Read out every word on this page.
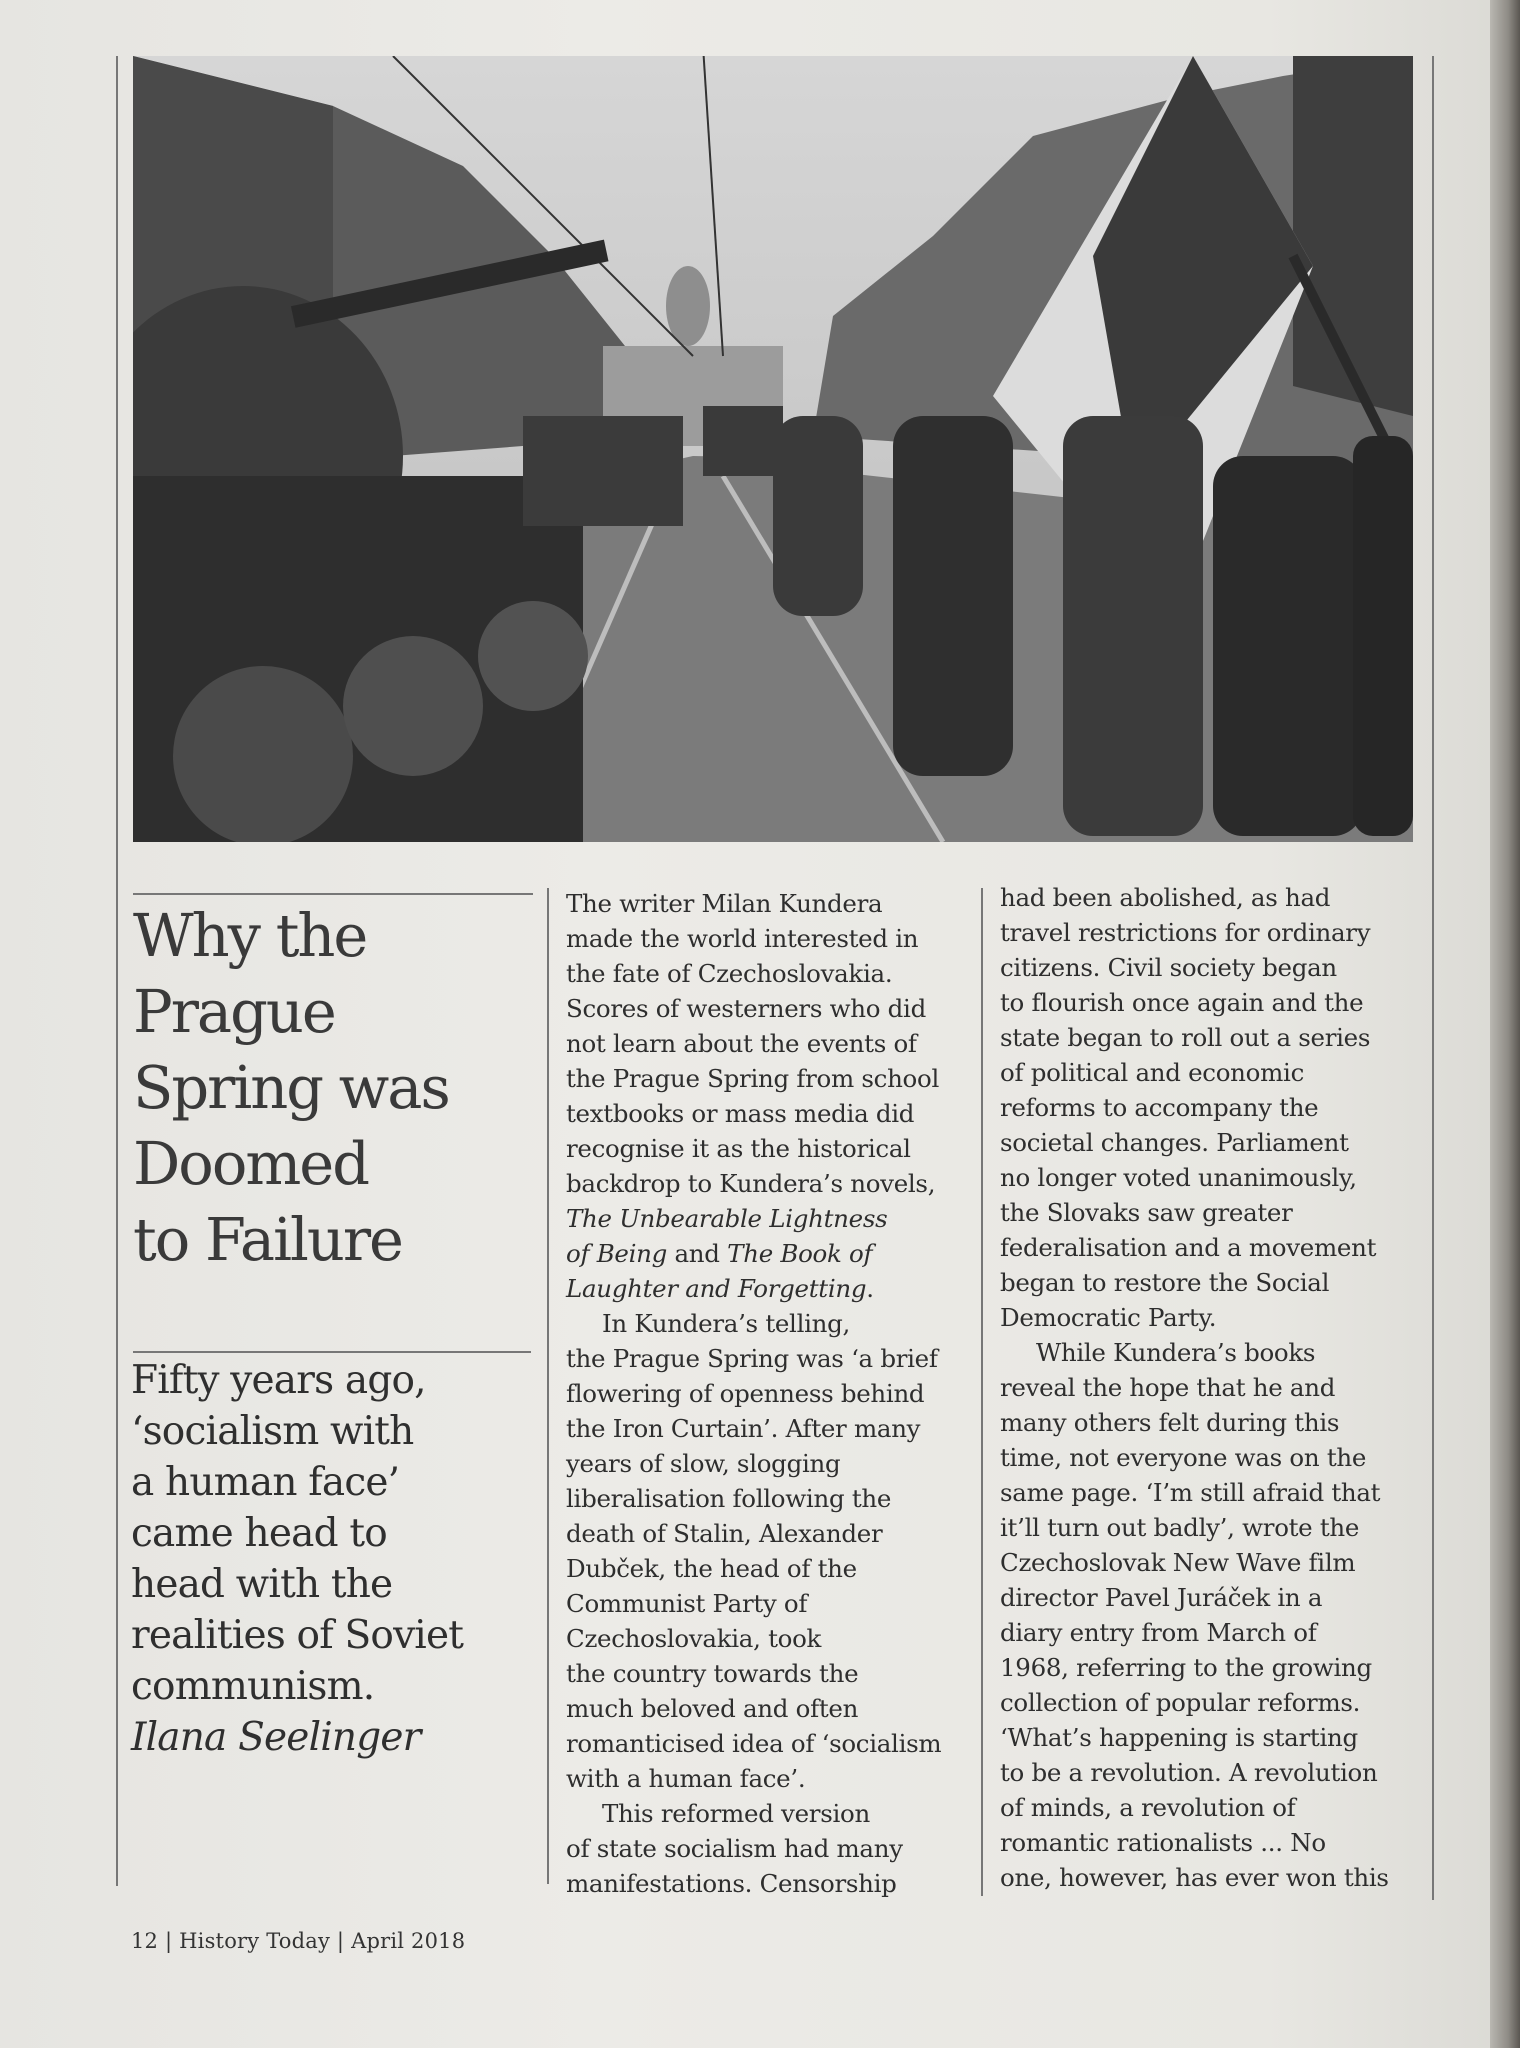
Why the
Prague
Spring was
Doomed
to Failure

Fifty years ago,
‘socialism with
a human face’
came head to
head with the
realities of Soviet
communism.
Ilana Seelinger

The writer Milan Kundera
made the world interested in
the fate of Czechoslovakia.
Scores of westerners who did
not learn about the events of
the Prague Spring from school
textbooks or mass media did
recognise it as the historical
backdrop to Kundera’s novels,
The Unbearable Lightness
of Being and The Book of
Laughter and Forgetting.

In Kundera’s telling,
the Prague Spring was ‘a brief
flowering of openness behind
the Iron Curtain’. After many
years of slow, slogging
liberalisation following the
death of Stalin, Alexander
Dubček, the head of the
Communist Party of
Czechoslovakia, took
the country towards the
much beloved and often
romanticised idea of ‘socialism
with a human face’.

This reformed version
of state socialism had many
manifestations. Censorship

had been abolished, as had
travel restrictions for ordinary
citizens. Civil society began
to flourish once again and the
state began to roll out a series
of political and economic
reforms to accompany the
societal changes. Parliament
no longer voted unanimously,
the Slovaks saw greater
federalisation and a movement
began to restore the Social
Democratic Party.

While Kundera’s books
reveal the hope that he and
many others felt during this
time, not everyone was on the
same page. ‘I’m still afraid that
it’ll turn out badly’, wrote the
Czechoslovak New Wave film
director Pavel Juráček in a
diary entry from March of
1968, referring to the growing
collection of popular reforms.
‘What’s happening is starting
to be a revolution. A revolution
of minds, a revolution of
romantic rationalists ... No
one, however, has ever won this

12 | History Today | April 2018
